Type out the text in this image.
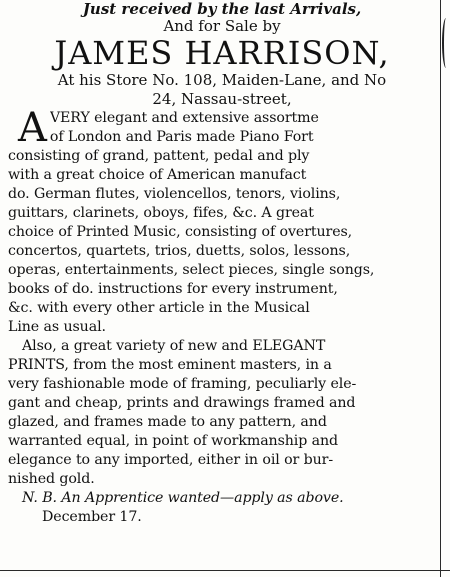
Just received by the last Arrivals,
And for Sale by
JAMES HARRISON,
At his Store No. 108, Maiden-Lane, and No
24, Nassau-street,
A VERY elegant and extensive assortme
of London and Paris made Piano Fort
consisting of grand, pattent, pedal and ply
with a great choice of American manufact
do. German flutes, violencellos, tenors, violins,
guittars, clarinets, oboys, fifes, &c. A great
choice of Printed Music, consisting of overtures,
concertos, quartets, trios, duetts, solos, lessons,
operas, entertainments, select pieces, single songs,
books of do. instructions for every instrument,
&c. with every other article in the Musical
Line as usual.
Also, a great variety of new and ELEGANT
PRINTS, from the most eminent masters, in a
very fashionable mode of framing, peculiarly ele-
gant and cheap, prints and drawings framed and
glazed, and frames made to any pattern, and
warranted equal, in point of workmanship and
elegance to any imported, either in oil or bur-
nished gold.
N. B. An Apprentice wanted—apply as above.
December 17.
